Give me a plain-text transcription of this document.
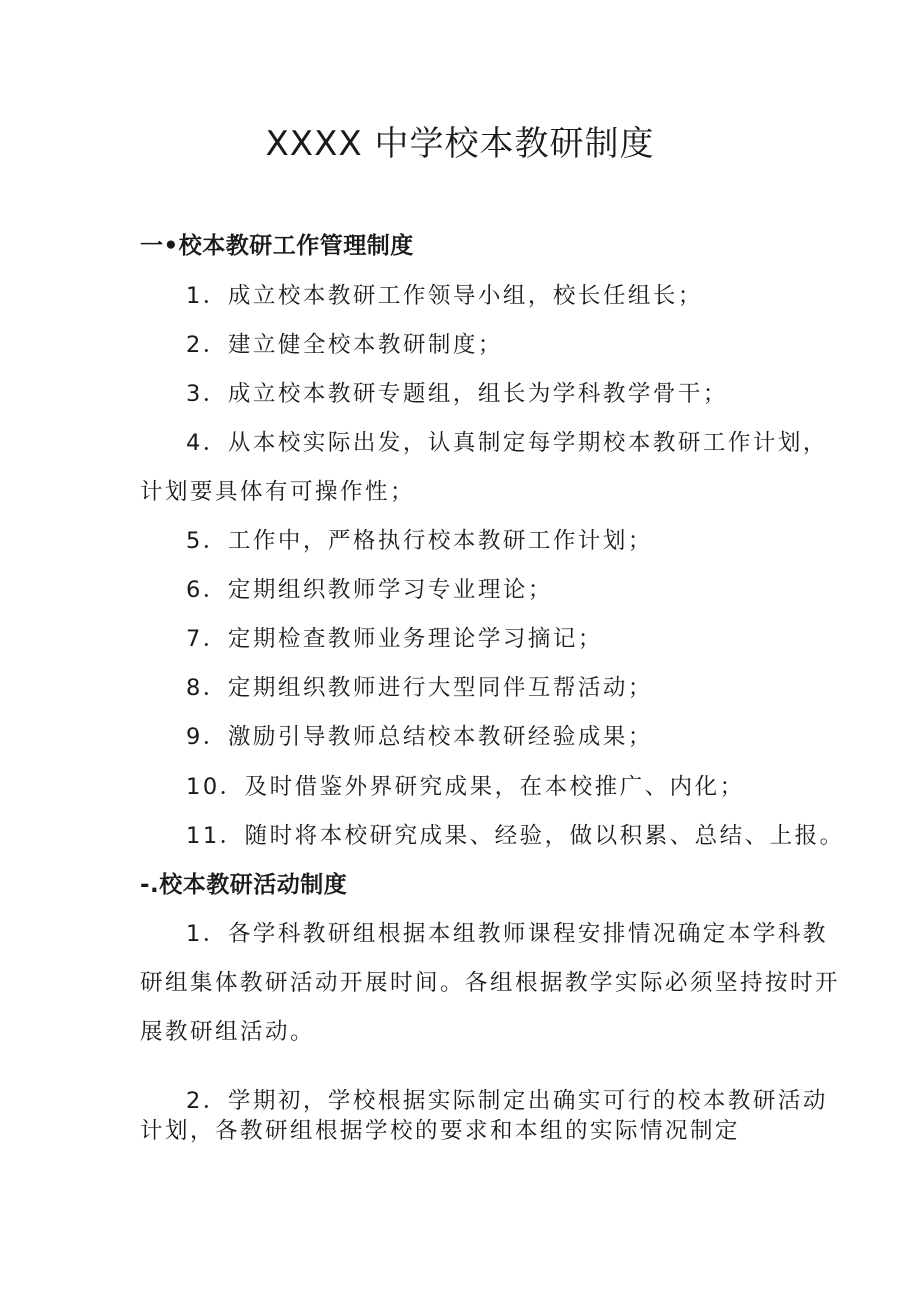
XXXX 中学校本教研制度
一•校本教研工作管理制度
1．成立校本教研工作领导小组，校长任组长；
2．建立健全校本教研制度；
3．成立校本教研专题组，组长为学科教学骨干；
4．从本校实际出发，认真制定每学期校本教研工作计划，
计划要具体有可操作性；
5．工作中，严格执行校本教研工作计划；
6．定期组织教师学习专业理论；
7．定期检查教师业务理论学习摘记；
8．定期组织教师进行大型同伴互帮活动；
9．激励引导教师总结校本教研经验成果；
10．及时借鉴外界研究成果，在本校推广、内化；
11．随时将本校研究成果、经验，做以积累、总结、上报。
-.校本教研活动制度
1．各学科教研组根据本组教师课程安排情况确定本学科教
研组集体教研活动开展时间。各组根据教学实际必须坚持按时开
展教研组活动。
2．学期初，学校根据实际制定出确实可行的校本教研活动
计划，各教研组根据学校的要求和本组的实际情况制定
